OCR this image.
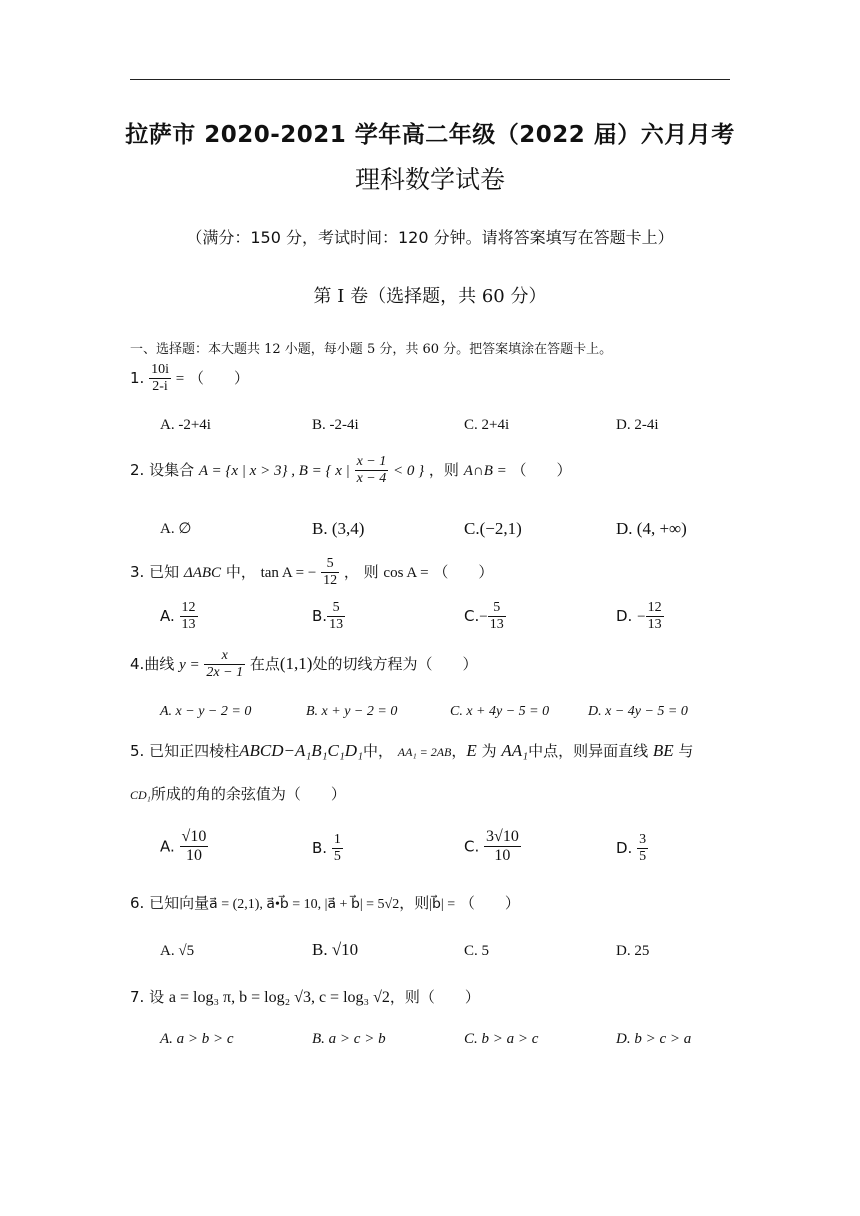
拉萨市 2020-2021 学年高二年级（2022 届）六月月考
理科数学试卷
（满分：150 分，考试时间：120 分钟。请将答案填写在答题卡上）
第 I 卷（选择题，共 60 分）
一、选择题：本大题共 12 小题，每小题 5 分，共 60 分。把答案填涂在答题卡上。
1. $\frac{10i}{2-i}$ = （　　）
A. -2+4i	B. -2-4i	C. 2+4i	D. 2-4i
2. 设集合 A = {x | x > 3} , B = { x | $\frac{x - 1}{x - 4} < 0$ } ，则 A∩B = （　　）
A. ∅	B. (3,4)	C.(−2,1)	D. (4, +∞)
3. 已知 ΔABC 中， tan A = − $\frac{5}{12}$ ， 则 cos A = （　　）
A. $\frac{12}{13}$	B. $\frac{5}{13}$	$C.- \frac{5}{13}$	D. − $\frac{12}{13}$
4.曲线 $y = \frac{x}{2x - 1}$ 在点(1,1)处的切线方程为（　　）
A. x − y − 2 = 0	B. x + y − 2 = 0	C. x + 4y − 5 = 0	D. x − 4y − 5 = 0
5. 已知正四棱柱ABCD−A₁B₁C₁D₁中， AA₁ = 2AB，E 为 AA₁中点，则异面直线 BE 与
CD₁所成的角的余弦值为（　　）
A. $\frac{√10}{10}$	B. $\frac{1}{5}$	C. $\frac{3√10}{10}$	D. $\frac{3}{5}$
6. 已知向量a⃗ = (2,1), a⃗•b⃗ = 10, |a⃗ + b⃗| = 5√2，则|b⃗| = （　　）
A. √5	B. √10	C. 5	D. 25
7. 设 a = log₃ π, b = log₂ √3, c = log₃ √2，则（　　）
A. a > b > c	B. a > c > b	C. b > a > c	D. b > c > a
